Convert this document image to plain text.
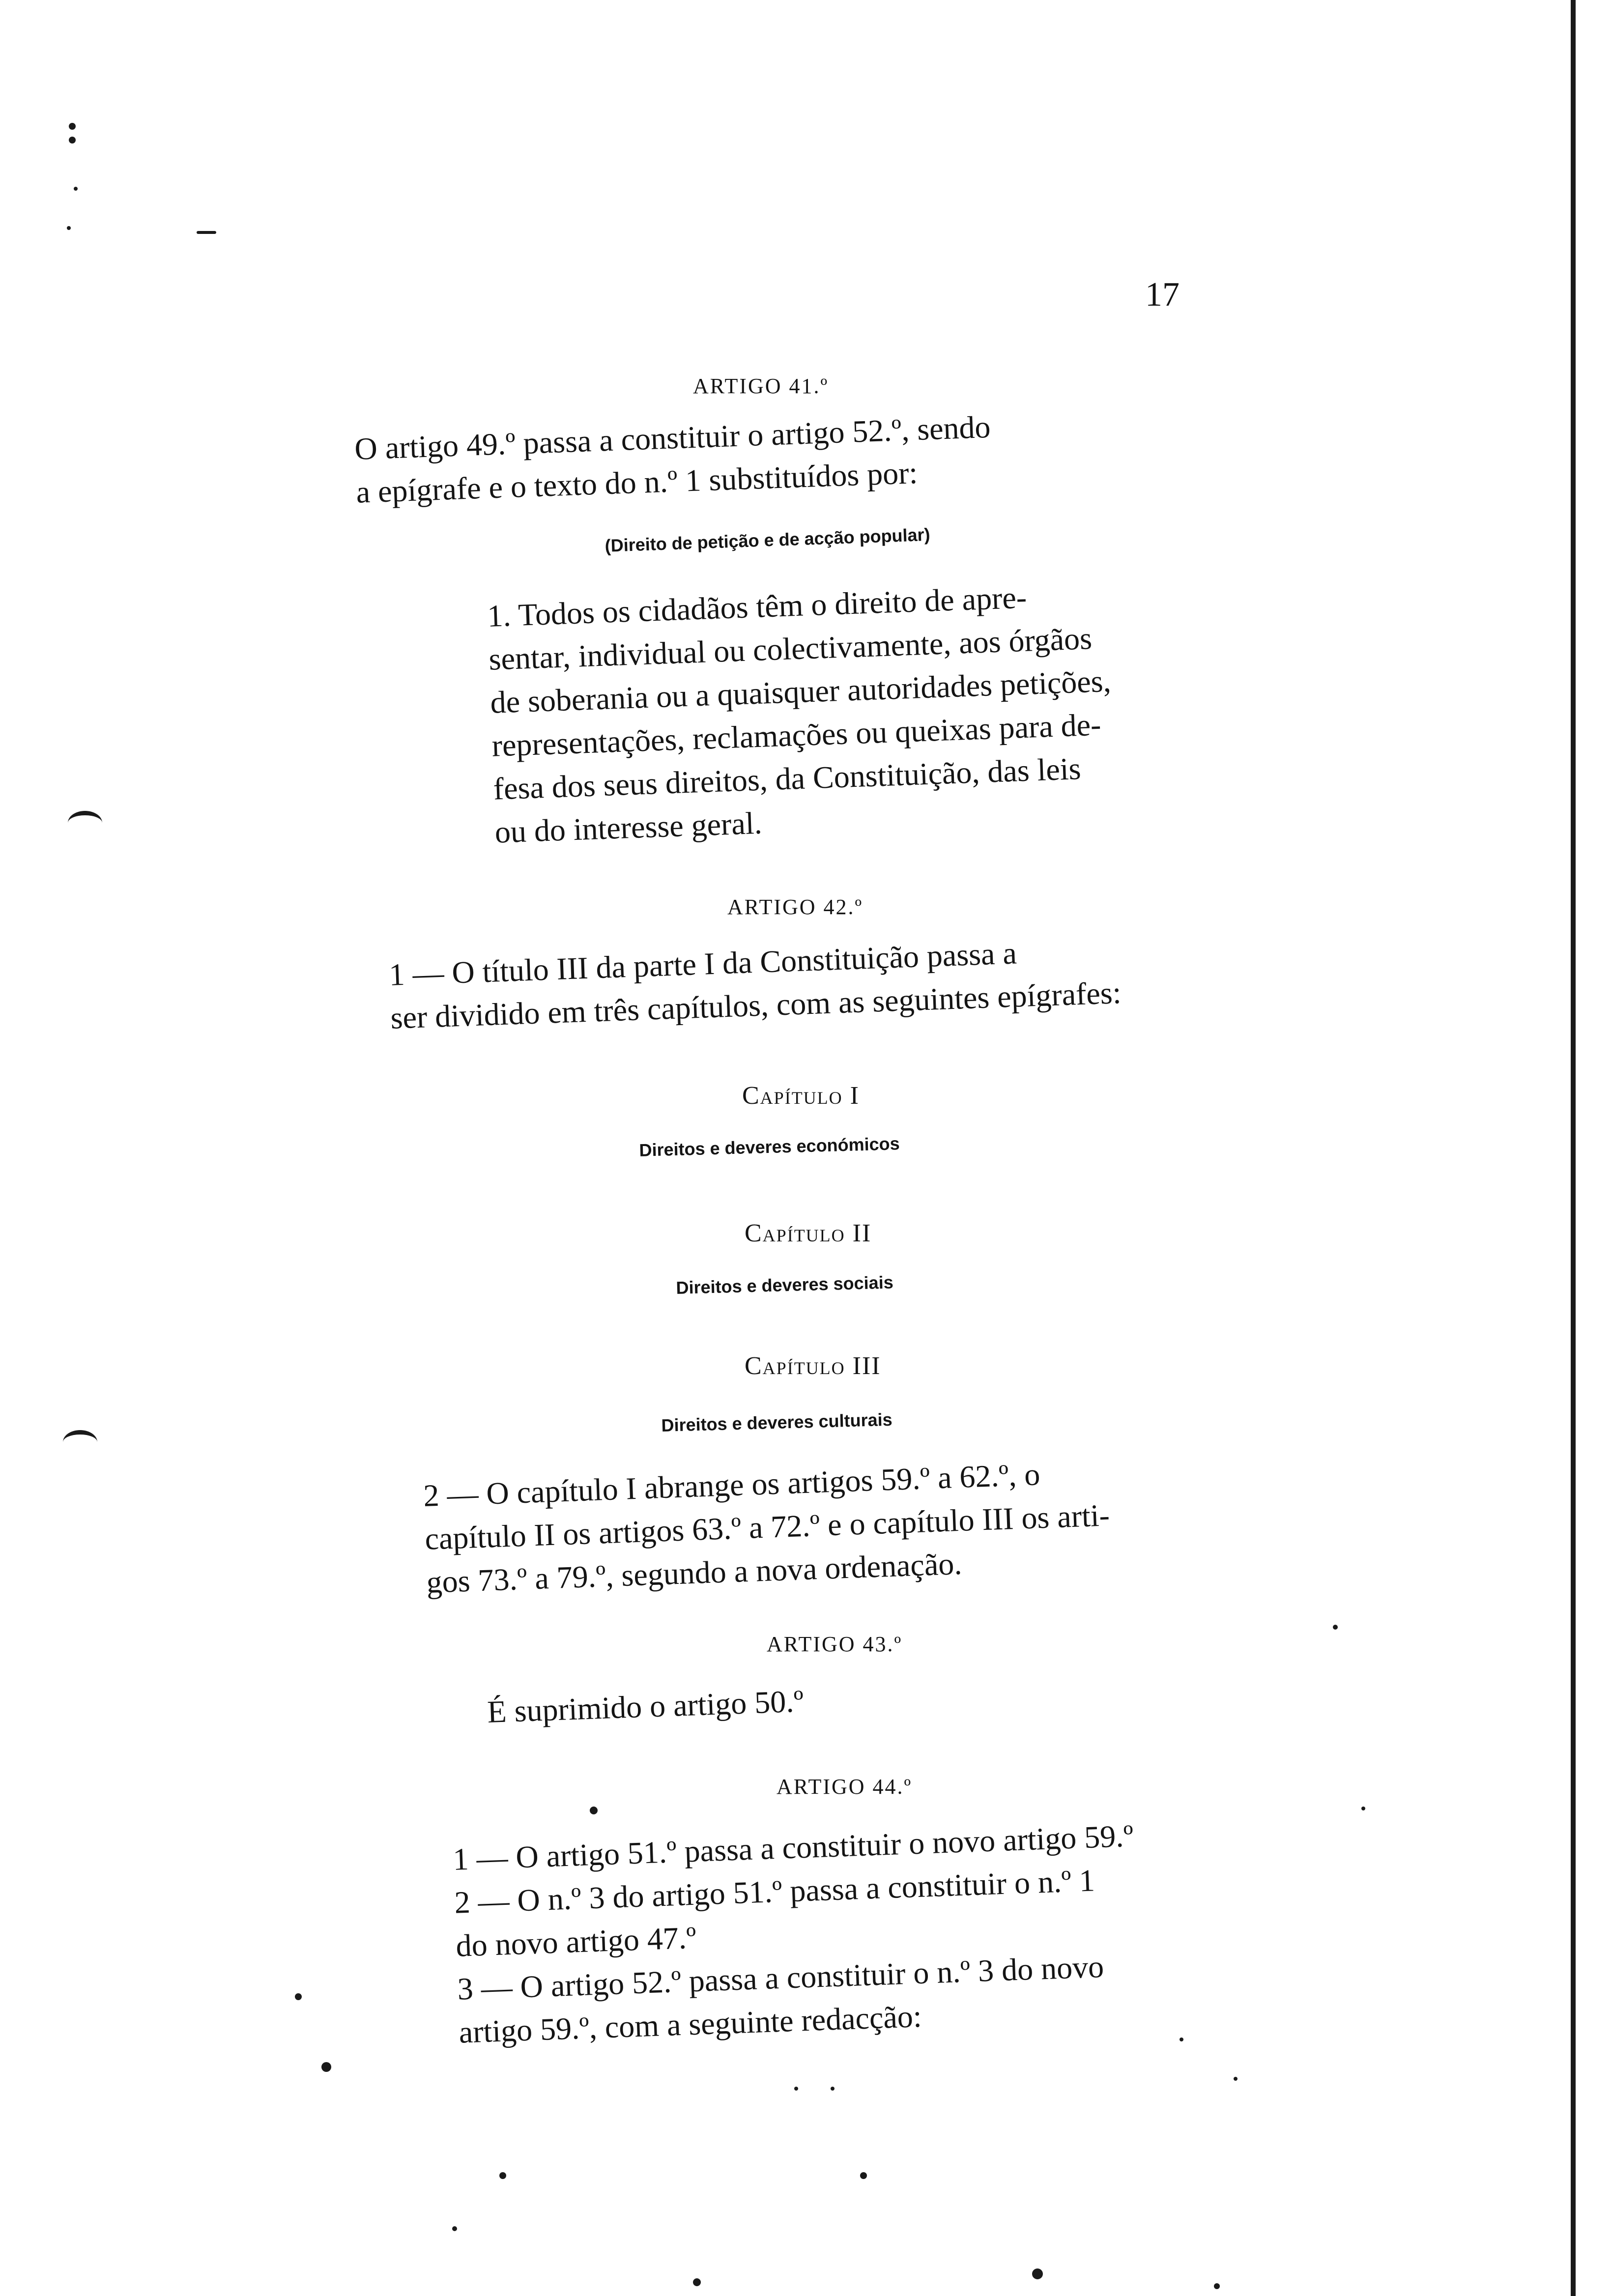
17
ARTIGO 41.º
O artigo 49.º passa a constituir o artigo 52.º, sendo
a epígrafe e o texto do n.º 1 substituídos por:
(Direito de petição e de acção popular)
1. Todos os cidadãos têm o direito de apre-
sentar, individual ou colectivamente, aos órgãos
de soberania ou a quaisquer autoridades petições,
representações, reclamações ou queixas para de-
fesa dos seus direitos, da Constituição, das leis
ou do interesse geral.
ARTIGO 42.º
1 — O título III da parte I da Constituição passa a
ser dividido em três capítulos, com as seguintes epígrafes:
Capítulo I
Direitos e deveres económicos
Capítulo II
Direitos e deveres sociais
Capítulo III
Direitos e deveres culturais
2 — O capítulo I abrange os artigos 59.º a 62.º, o
capítulo II os artigos 63.º a 72.º e o capítulo III os arti-
gos 73.º a 79.º, segundo a nova ordenação.
ARTIGO 43.º
É suprimido o artigo 50.º
ARTIGO 44.º
1 — O artigo 51.º passa a constituir o novo artigo 59.º
2 — O n.º 3 do artigo 51.º passa a constituir o n.º 1
do novo artigo 47.º
3 — O artigo 52.º passa a constituir o n.º 3 do novo
artigo 59.º, com a seguinte redacção:
